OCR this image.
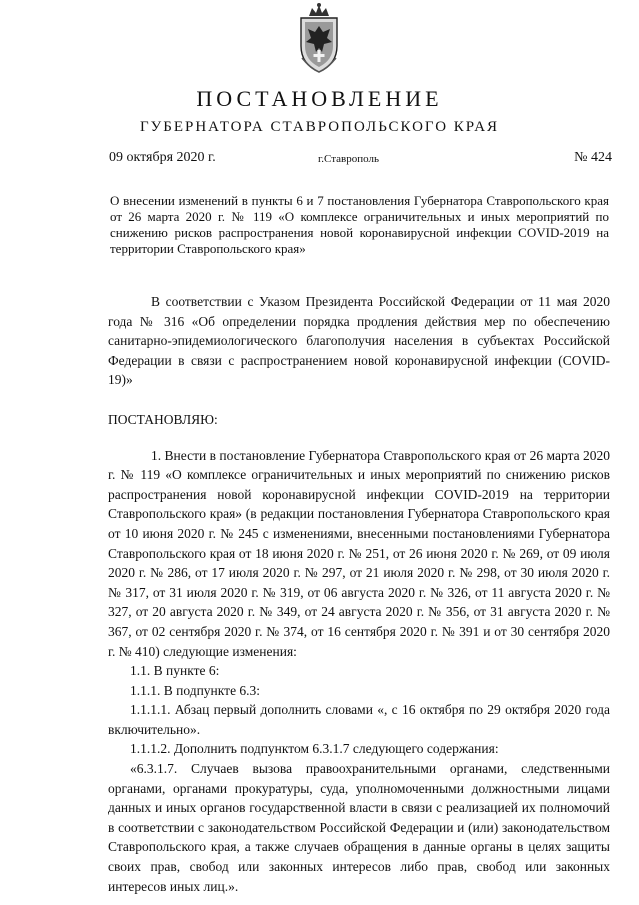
ПОСТАНОВЛЕНИЕ
ГУБЕРНАТОРА СТАВРОПОЛЬСКОГО КРАЯ
09 октября 2020 г.	г.Ставрополь	№ 424

О внесении изменений в пункты 6 и 7 постановления Губернатора Ставропольского края от 26 марта 2020 г. № 119 «О комплексе ограничительных и иных мероприятий по снижению рисков распространения новой коронавирусной инфекции COVID-2019 на территории Ставропольского края»

В соответствии с Указом Президента Российской Федерации от 11 мая 2020 года № 316 «Об определении порядка продления действия мер по обеспечению санитарно-эпидемиологического благополучия населения в субъектах Российской Федерации в связи с распространением новой коронавирусной инфекции (COVID-19)»

ПОСТАНОВЛЯЮ:

1. Внести в постановление Губернатора Ставропольского края от 26 марта 2020 г. № 119 «О комплексе ограничительных и иных мероприятий по снижению рисков распространения новой коронавирусной инфекции COVID-2019 на территории Ставропольского края» (в редакции постановления Губернатора Ставропольского края от 10 июня 2020 г. № 245 с изменениями, внесенными постановлениями Губернатора Ставропольского края от 18 июня 2020 г. № 251, от 26 июня 2020 г. № 269, от 09 июля 2020 г. № 286, от 17 июля 2020 г. № 297, от 21 июля 2020 г. № 298, от 30 июля 2020 г. № 317, от 31 июля 2020 г. № 319, от 06 августа 2020 г. № 326, от 11 августа 2020 г. № 327, от 20 августа 2020 г. № 349, от 24 августа 2020 г. № 356, от 31 августа 2020 г. № 367, от 02 сентября 2020 г. № 374, от 16 сентября 2020 г. № 391 и от 30 сентября 2020 г. № 410) следующие изменения:

1.1. В пункте 6:

1.1.1. В подпункте 6.3:

1.1.1.1. Абзац первый дополнить словами «, с 16 октября по 29 октября 2020 года включительно».

1.1.1.2. Дополнить подпунктом 6.3.1.7 следующего содержания:

«6.3.1.7. Случаев вызова правоохранительными органами, следственными органами, органами прокуратуры, суда, уполномоченными должностными лицами данных и иных органов государственной власти в связи с реализацией их полномочий в соответствии с законодательством Российской Федерации и (или) законодательством Ставропольского края, а также случаев обращения в данные органы в целях защиты своих прав, свобод или законных интересов либо прав, свобод или законных интересов иных лиц.».
